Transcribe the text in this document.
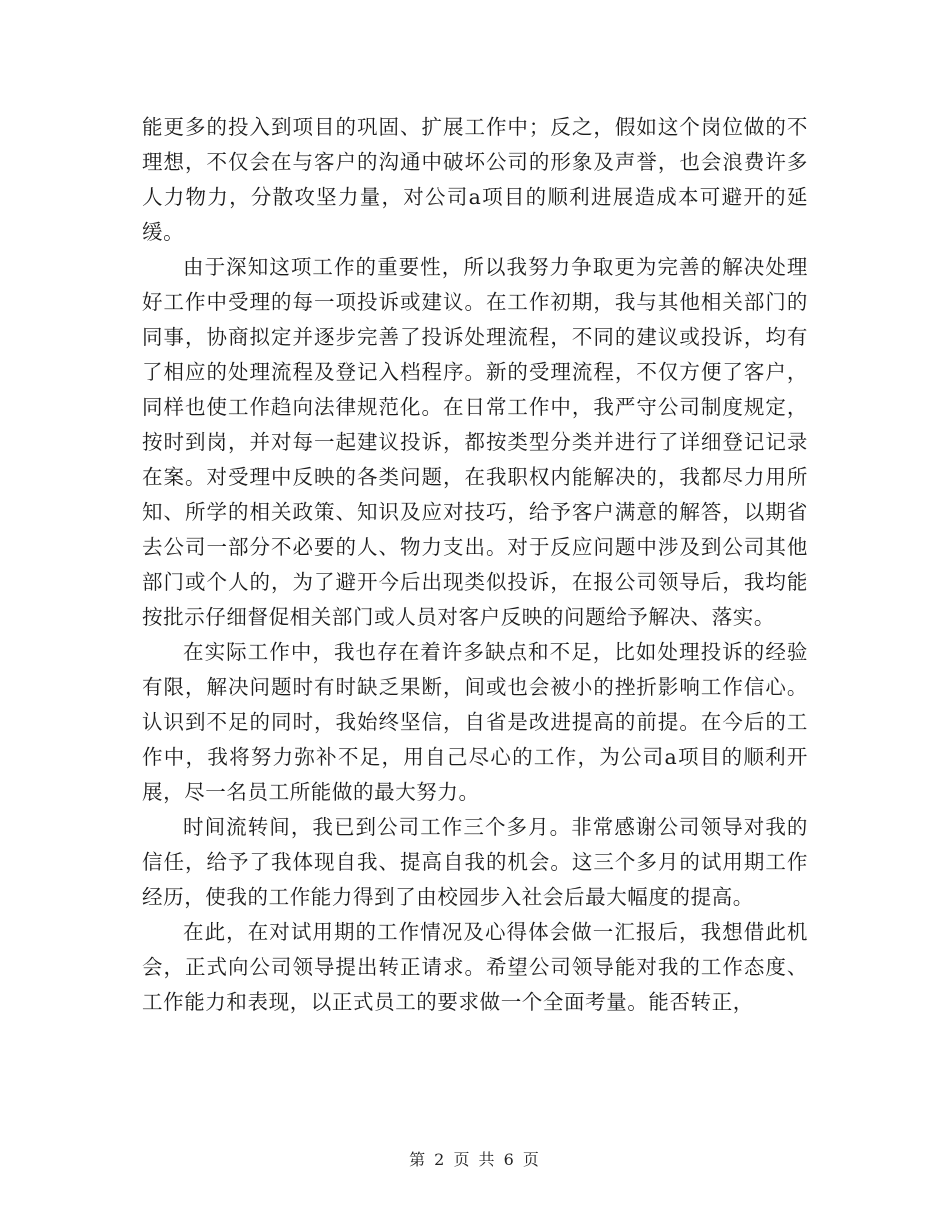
能更多的投入到项目的巩固、扩展工作中；反之，假如这个岗位做的不理想，不仅会在与客户的沟通中破坏公司的形象及声誉，也会浪费许多人力物力，分散攻坚力量，对公司a项目的顺利进展造成本可避开的延缓。

由于深知这项工作的重要性，所以我努力争取更为完善的解决处理好工作中受理的每一项投诉或建议。在工作初期，我与其他相关部门的同事，协商拟定并逐步完善了投诉处理流程，不同的建议或投诉，均有了相应的处理流程及登记入档程序。新的受理流程，不仅方便了客户，同样也使工作趋向法律规范化。在日常工作中，我严守公司制度规定，按时到岗，并对每一起建议投诉，都按类型分类并进行了详细登记记录在案。对受理中反映的各类问题，在我职权内能解决的，我都尽力用所知、所学的相关政策、知识及应对技巧，给予客户满意的解答，以期省去公司一部分不必要的人、物力支出。对于反应问题中涉及到公司其他部门或个人的，为了避开今后出现类似投诉，在报公司领导后，我均能按批示仔细督促相关部门或人员对客户反映的问题给予解决、落实。

在实际工作中，我也存在着许多缺点和不足，比如处理投诉的经验有限，解决问题时有时缺乏果断，间或也会被小的挫折影响工作信心。认识到不足的同时，我始终坚信，自省是改进提高的前提。在今后的工作中，我将努力弥补不足，用自己尽心的工作，为公司a项目的顺利开展，尽一名员工所能做的最大努力。

时间流转间，我已到公司工作三个多月。非常感谢公司领导对我的信任，给予了我体现自我、提高自我的机会。这三个多月的试用期工作经历，使我的工作能力得到了由校园步入社会后最大幅度的提高。

在此，在对试用期的工作情况及心得体会做一汇报后，我想借此机会，正式向公司领导提出转正请求。希望公司领导能对我的工作态度、工作能力和表现，以正式员工的要求做一个全面考量。能否转正，

第 2 页 共 6 页
